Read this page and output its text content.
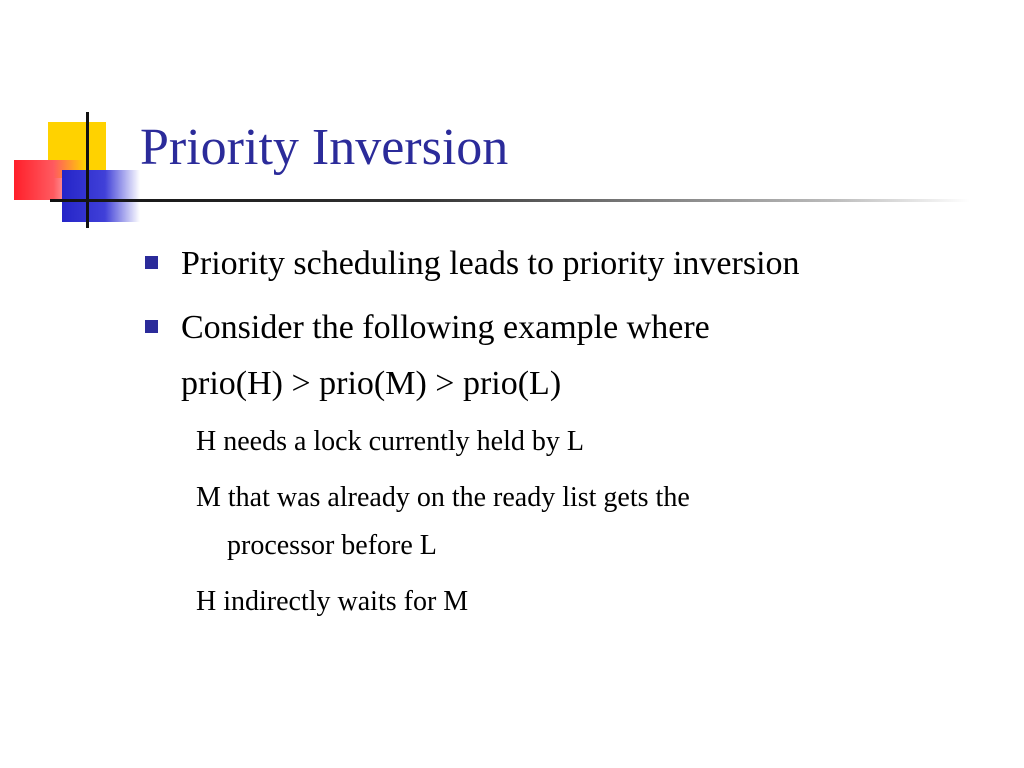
Priority Inversion
Priority scheduling leads to priority inversion
Consider the following example where
prio(H) > prio(M) > prio(L)
H needs a lock currently held by L
M that was already on the ready list gets the
processor before L
H indirectly waits for M
